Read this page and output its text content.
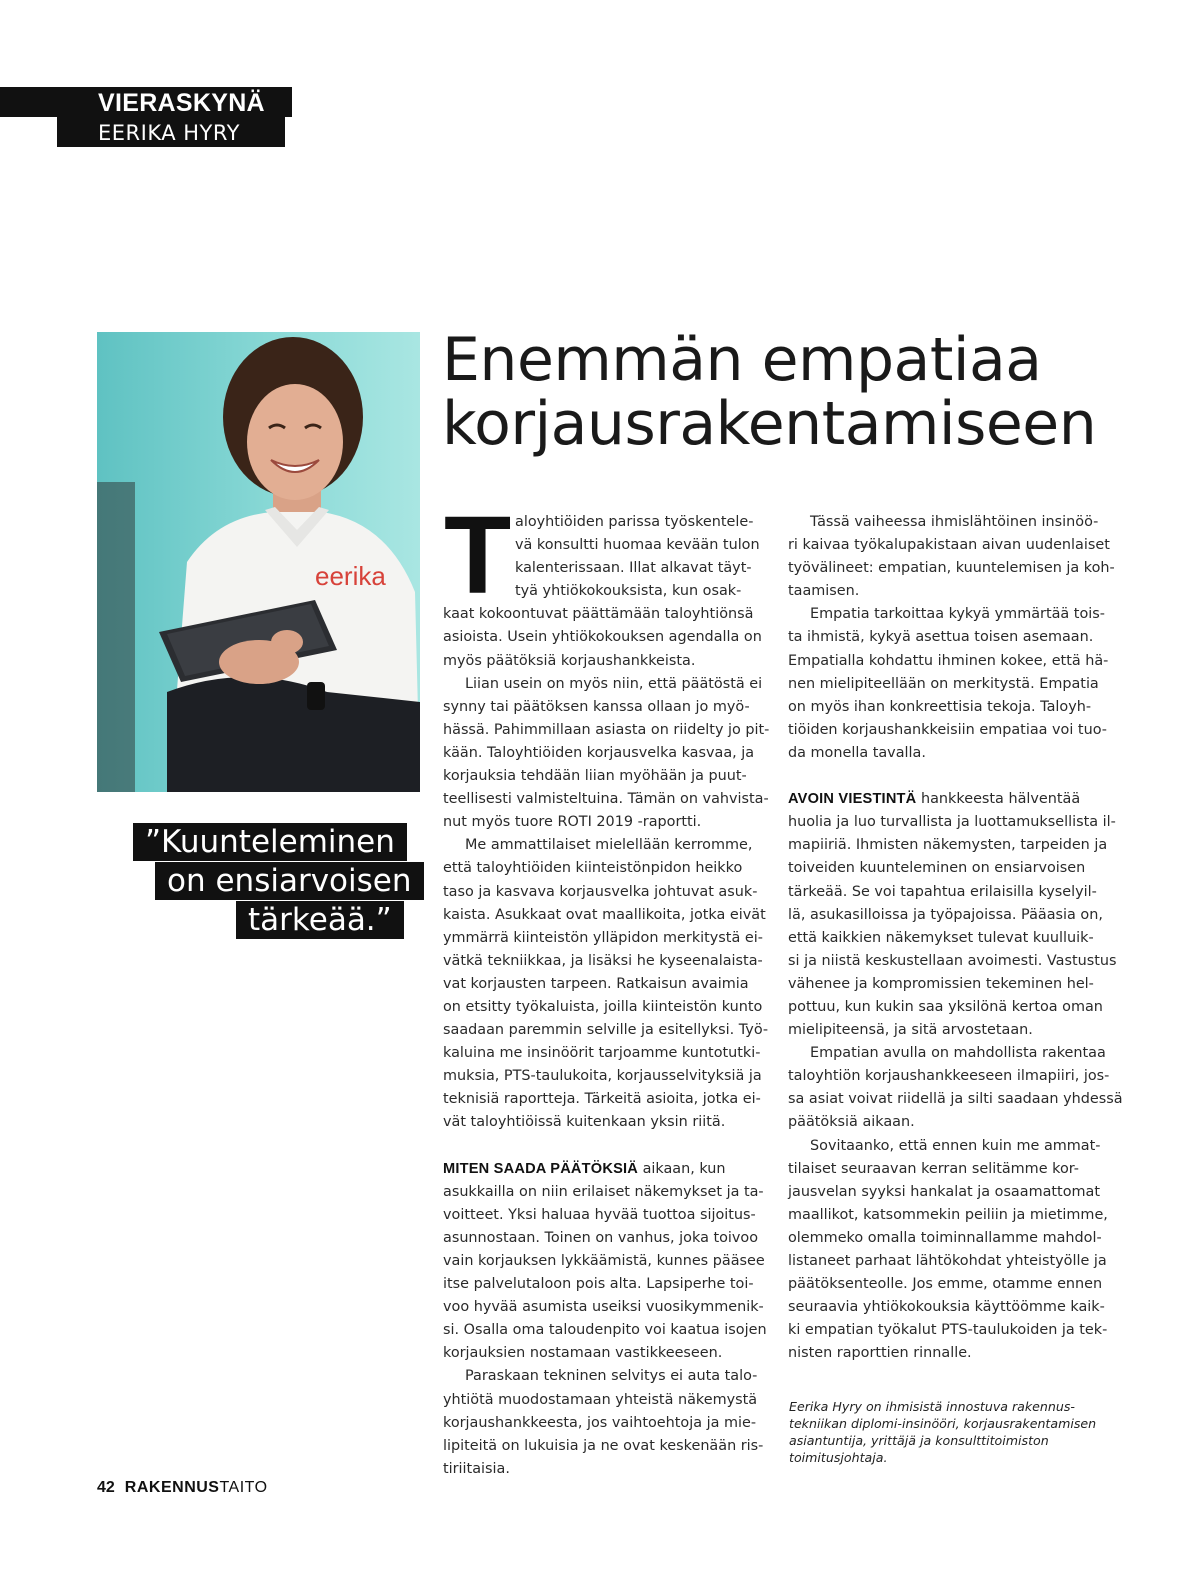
VIERASKYNÄ
EERIKA HYRY
eerika
”Kuunteleminen
on ensiarvoisen
tärkeää.”
Enemmän empatiaa
korjausrakentamiseen
T aloyhtiöiden parissa työskentele-
vä konsultti huomaa kevään tulon
kalenterissaan. Illat alkavat täyt-
tyä yhtiökokouksista, kun osak-
kaat kokoontuvat päättämään taloyhtiönsä
asioista. Usein yhtiökokouksen agendalla on
myös päätöksiä korjaushankkeista.
Liian usein on myös niin, että päätöstä ei
synny tai päätöksen kanssa ollaan jo myö-
hässä. Pahimmillaan asiasta on riidelty jo pit-
kään. Taloyhtiöiden korjausvelka kasvaa, ja
korjauksia tehdään liian myöhään ja puut-
teellisesti valmisteltuina. Tämän on vahvista-
nut myös tuore ROTI 2019 -raportti.
Me ammattilaiset mielellään kerromme,
että taloyhtiöiden kiinteistönpidon heikko
taso ja kasvava korjausvelka johtuvat asuk-
kaista. Asukkaat ovat maallikoita, jotka eivät
ymmärrä kiinteistön ylläpidon merkitystä ei-
vätkä tekniikkaa, ja lisäksi he kyseenalaista-
vat korjausten tarpeen. Ratkaisun avaimia
on etsitty työkaluista, joilla kiinteistön kunto
saadaan paremmin selville ja esitellyksi. Työ-
kaluina me insinöörit tarjoamme kuntotutki-
muksia, PTS-taulukoita, korjausselvityksiä ja
teknisiä raportteja. Tärkeitä asioita, jotka ei-
vät taloyhtiöissä kuitenkaan yksin riitä.
MITEN SAADA PÄÄTÖKSIÄ aikaan, kun
asukkailla on niin erilaiset näkemykset ja ta-
voitteet. Yksi haluaa hyvää tuottoa sijoitus-
asunnostaan. Toinen on vanhus, joka toivoo
vain korjauksen lykkäämistä, kunnes pääsee
itse palvelutaloon pois alta. Lapsiperhe toi-
voo hyvää asumista useiksi vuosikymmenik-
si. Osalla oma taloudenpito voi kaatua isojen
korjauksien nostamaan vastikkeeseen.
Paraskaan tekninen selvitys ei auta talo-
yhtiötä muodostamaan yhteistä näkemystä
korjaushankkeesta, jos vaihtoehtoja ja mie-
lipiteitä on lukuisia ja ne ovat keskenään ris-
tiriitaisia.
Tässä vaiheessa ihmislähtöinen insinöö-
ri kaivaa työkalupakistaan aivan uudenlaiset
työvälineet: empatian, kuuntelemisen ja koh-
taamisen.
Empatia tarkoittaa kykyä ymmärtää tois-
ta ihmistä, kykyä asettua toisen asemaan.
Empatialla kohdattu ihminen kokee, että hä-
nen mielipiteellään on merkitystä. Empatia
on myös ihan konkreettisia tekoja. Taloyh-
tiöiden korjaushankkeisiin empatiaa voi tuo-
da monella tavalla.
AVOIN VIESTINTÄ hankkeesta hälventää
huolia ja luo turvallista ja luottamuksellista il-
mapiiriä. Ihmisten näkemysten, tarpeiden ja
toiveiden kuunteleminen on ensiarvoisen
tärkeää. Se voi tapahtua erilaisilla kyselyil-
lä, asukasilloissa ja työpajoissa. Pääasia on,
että kaikkien näkemykset tulevat kuulluik-
si ja niistä keskustellaan avoimesti. Vastustus
vähenee ja kompromissien tekeminen hel-
pottuu, kun kukin saa yksilönä kertoa oman
mielipiteensä, ja sitä arvostetaan.
Empatian avulla on mahdollista rakentaa
taloyhtiön korjaushankkeeseen ilmapiiri, jos-
sa asiat voivat riidellä ja silti saadaan yhdessä
päätöksiä aikaan.
Sovitaanko, että ennen kuin me ammat-
tilaiset seuraavan kerran selitämme kor-
jausvelan syyksi hankalat ja osaamattomat
maallikot, katsommekin peiliin ja mietimme,
olemmeko omalla toiminnallamme mahdol-
listaneet parhaat lähtökohdat yhteistyölle ja
päätöksenteolle. Jos emme, otamme ennen
seuraavia yhtiökokouksia käyttöömme kaik-
ki empatian työkalut PTS-taulukoiden ja tek-
nisten raporttien rinnalle.
Eerika Hyry on ihmisistä innostuva rakennus-
tekniikan diplomi-insinööri, korjausrakentamisen
asiantuntija, yrittäjä ja konsulttitoimiston
toimitusjohtaja.
42 RAKENNUSTAITO
